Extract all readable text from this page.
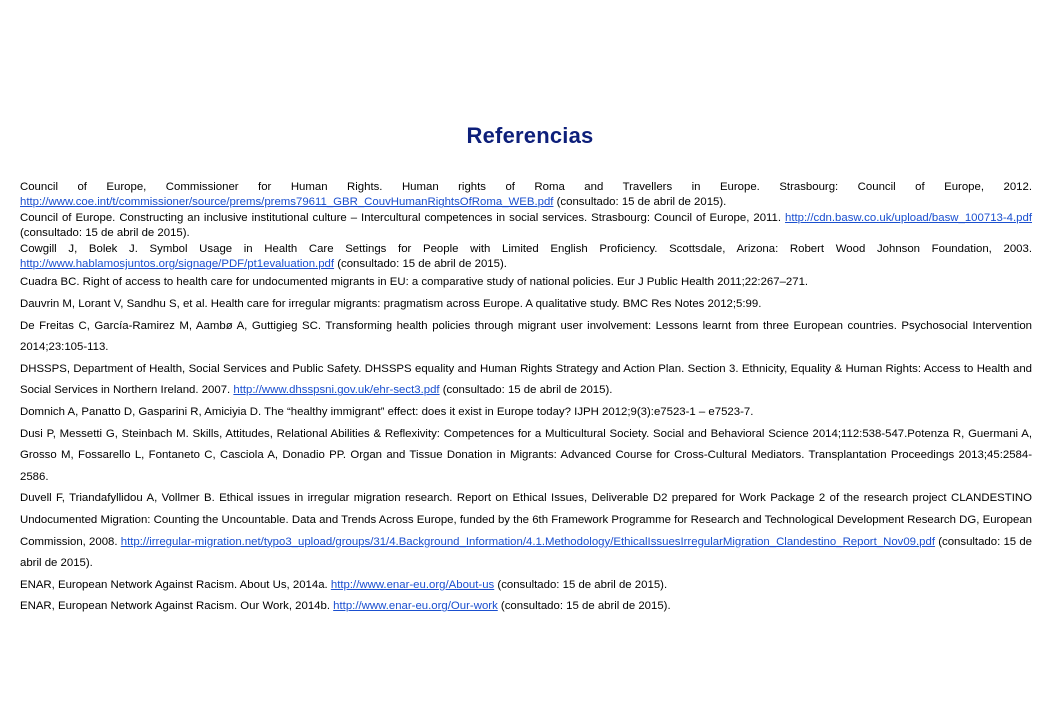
Referencias

Council of Europe, Commissioner for Human Rights. Human rights of Roma and Travellers in Europe. Strasbourg: Council of Europe, 2012. http://www.coe.int/t/commissioner/source/prems/prems79611_GBR_CouvHumanRightsOfRoma_WEB.pdf (consultado: 15 de abril de 2015).

Council of Europe. Constructing an inclusive institutional culture – Intercultural competences in social services. Strasbourg: Council of Europe, 2011. http://cdn.basw.co.uk/upload/basw_100713-4.pdf (consultado: 15 de abril de 2015).

Cowgill J, Bolek J. Symbol Usage in Health Care Settings for People with Limited English Proficiency. Scottsdale, Arizona: Robert Wood Johnson Foundation, 2003. http://www.hablamosjuntos.org/signage/PDF/pt1evaluation.pdf (consultado: 15 de abril de 2015).

Cuadra BC. Right of access to health care for undocumented migrants in EU: a comparative study of national policies. Eur J Public Health 2011;22:267–271.

Dauvrin M, Lorant V, Sandhu S, et al. Health care for irregular migrants: pragmatism across Europe. A qualitative study. BMC Res Notes 2012;5:99.

De Freitas C, García-Ramirez M, Aambø A, Guttigieg SC. Transforming health policies through migrant user involvement: Lessons learnt from three European countries. Psychosocial Intervention 2014;23:105-113.

DHSSPS, Department of Health, Social Services and Public Safety. DHSSPS equality and Human Rights Strategy and Action Plan. Section 3. Ethnicity, Equality & Human Rights: Access to Health and Social Services in Northern Ireland. 2007. http://www.dhsspsni.gov.uk/ehr-sect3.pdf (consultado: 15 de abril de 2015).

Domnich A, Panatto D, Gasparini R, Amiciyia D. The “healthy immigrant” effect: does it exist in Europe today? IJPH 2012;9(3):e7523-1 – e7523-7.

Dusi P, Messetti G, Steinbach M. Skills, Attitudes, Relational Abilities & Reflexivity: Competences for a Multicultural Society. Social and Behavioral Science 2014;112:538-547.Potenza R, Guermani A, Grosso M, Fossarello L, Fontaneto C, Casciola A, Donadio PP. Organ and Tissue Donation in Migrants: Advanced Course for Cross-Cultural Mediators. Transplantation Proceedings 2013;45:2584-2586.

Duvell F, Triandafyllidou A, Vollmer B. Ethical issues in irregular migration research. Report on Ethical Issues, Deliverable D2 prepared for Work Package 2 of the research project CLANDESTINO Undocumented Migration: Counting the Uncountable. Data and Trends Across Europe, funded by the 6th Framework Programme for Research and Technological Development Research DG, European Commission, 2008. http://irregular-migration.net/typo3_upload/groups/31/4.Background_Information/4.1.Methodology/EthicalIssuesIrregularMigration_Clandestino_Report_Nov09.pdf (consultado: 15 de abril de 2015).

ENAR, European Network Against Racism. About Us, 2014a. http://www.enar-eu.org/About-us (consultado: 15 de abril de 2015).

ENAR, European Network Against Racism. Our Work, 2014b. http://www.enar-eu.org/Our-work (consultado: 15 de abril de 2015).
